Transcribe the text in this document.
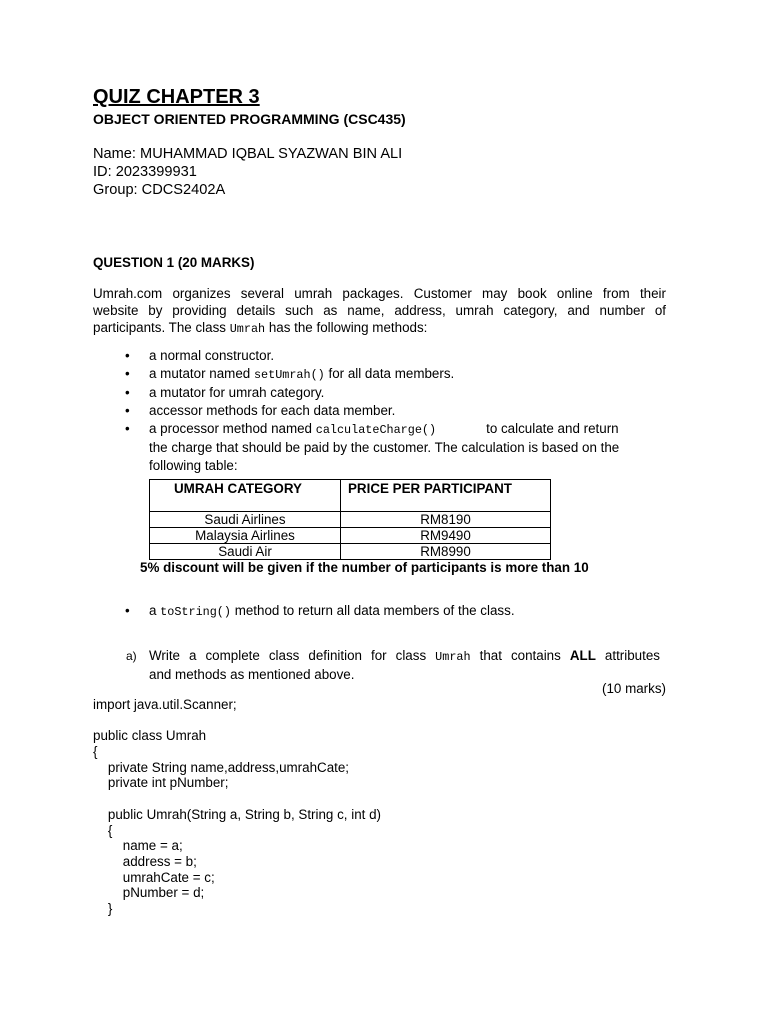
QUIZ CHAPTER 3
OBJECT ORIENTED PROGRAMMING (CSC435)
Name: MUHAMMAD IQBAL SYAZWAN BIN ALI
ID: 2023399931
Group: CDCS2402A
QUESTION 1 (20 MARKS)
Umrah.com organizes several umrah packages. Customer may book online from their
website by providing details such as name, address, umrah category, and number of
participants. The class Umrah has the following methods:
• a normal constructor.
• a mutator named setUmrah() for all data members.
• a mutator for umrah category.
• accessor methods for each data member.
• a processor method named calculateCharge()	to calculate and return
the charge that should be paid by the customer. The calculation is based on the
following table:
UMRAH CATEGORY	PRICE PER PARTICIPANT
Saudi Airlines	RM8190
Malaysia Airlines	RM9490
Saudi Air	RM8990
5% discount will be given if the number of participants is more than 10
• a toString() method to return all data members of the class.
a) Write a complete class definition for class Umrah that contains ALL attributes
and methods as mentioned above.
(10 marks)
import java.util.Scanner;
public class Umrah
{
private String name,address,umrahCate;
private int pNumber;
public Umrah(String a, String b, String c, int d)
{
name = a;
address = b;
umrahCate = c;
pNumber = d;
}
